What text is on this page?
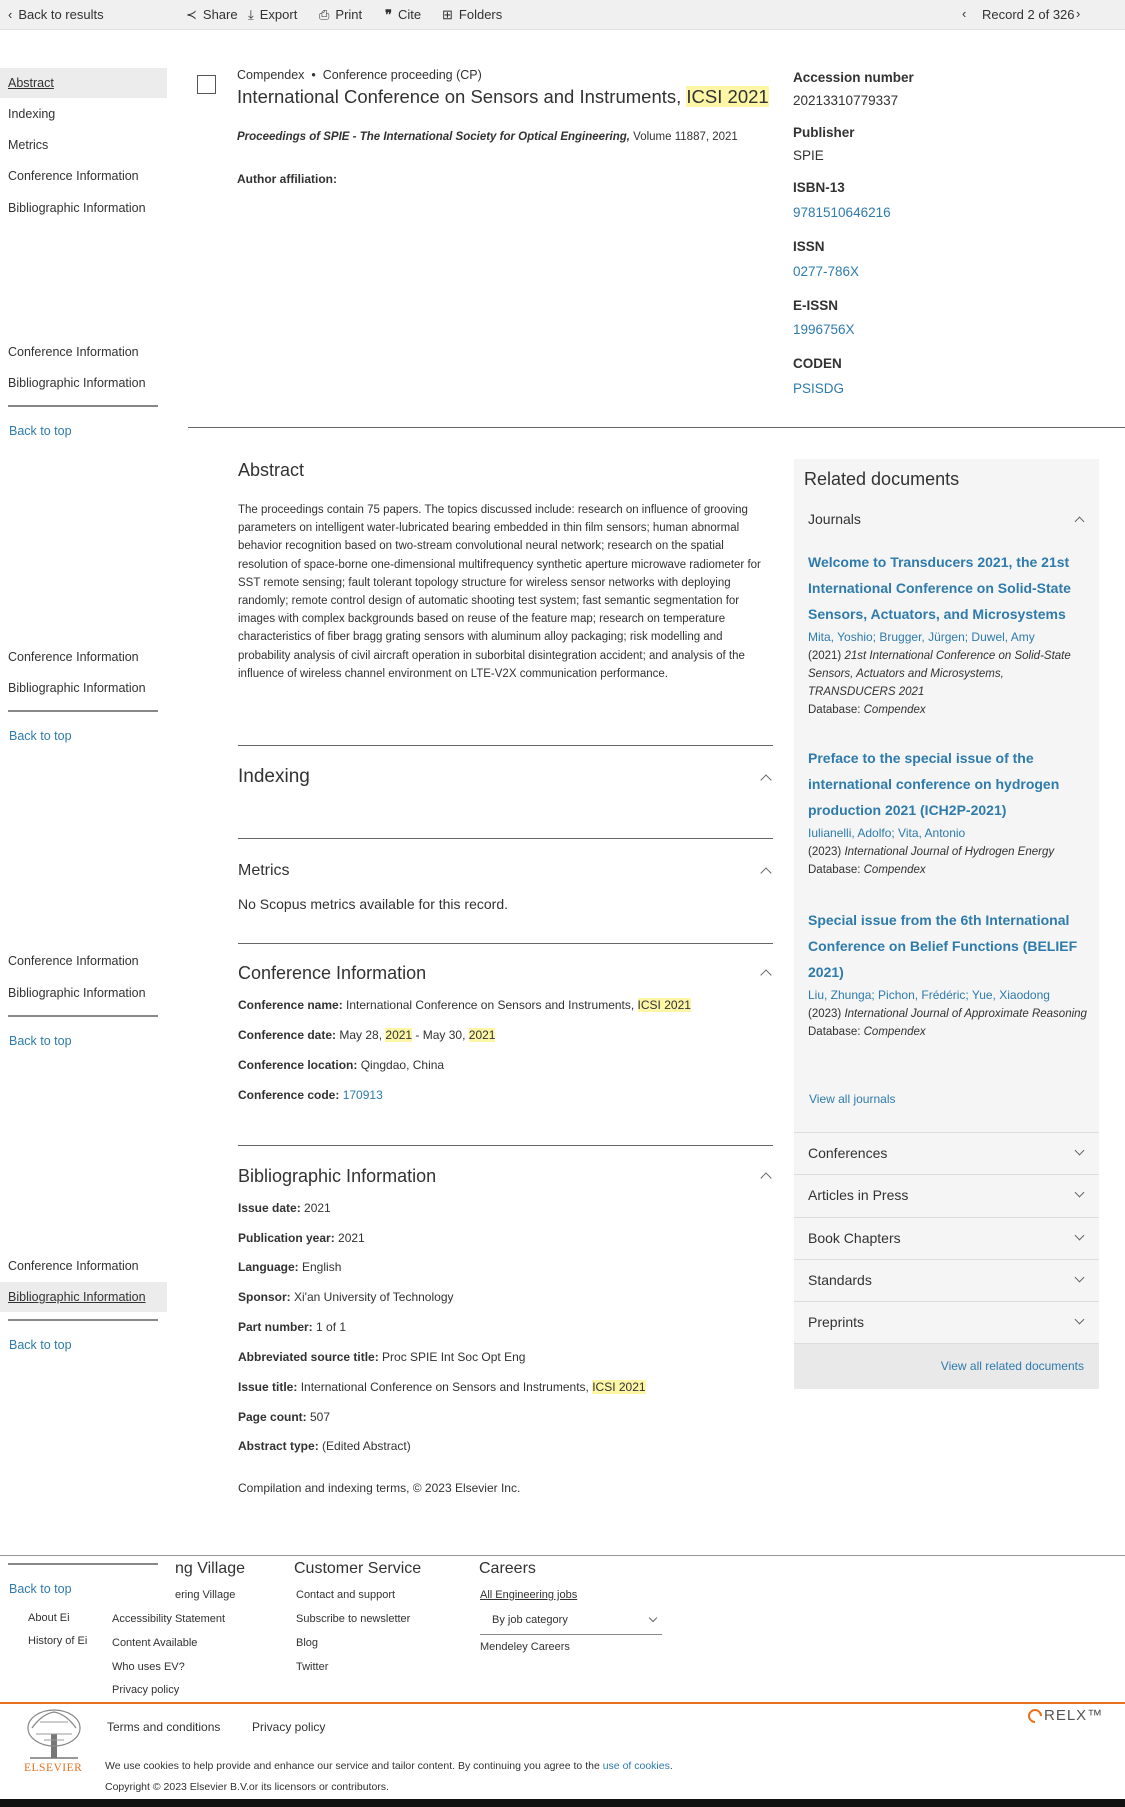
‹ Back to results	≺ Share ⤓ Export ⎙ Print ❞ Cite ⊞ Folders	‹ Record 2 of 326 ›
Abstract
Indexing
Metrics
Conference Information
Bibliographic Information
Conference Information
Bibliographic Information
Back to top
Conference Information
Bibliographic Information
Back to top
Conference Information
Bibliographic Information
Back to top
Conference Information
Bibliographic Information
Back to top
Compendex  •  Conference proceeding (CP)
International Conference on Sensors and Instruments, ICSI 2021
Proceedings of SPIE - The International Society for Optical Engineering, Volume 11887, 2021
Author affiliation:
Accession number
20213310779337
Publisher
SPIE
ISBN-13
9781510646216
ISSN
0277-786X
E-ISSN
1996756X
CODEN
PSISDG
Abstract
The proceedings contain 75 papers. The topics discussed include: research on influence of grooving parameters on intelligent water-lubricated bearing embedded in thin film sensors; human abnormal behavior recognition based on two-stream convolutional neural network; research on the spatial resolution of space-borne one-dimensional multifrequency synthetic aperture microwave radiometer for SST remote sensing; fault tolerant topology structure for wireless sensor networks with deploying randomly; remote control design of automatic shooting test system; fast semantic segmentation for images with complex backgrounds based on reuse of the feature map; research on temperature characteristics of fiber bragg grating sensors with aluminum alloy packaging; risk modelling and probability analysis of civil aircraft operation in suborbital disintegration accident; and analysis of the influence of wireless channel environment on LTE-V2X communication performance.
Indexing
Metrics
No Scopus metrics available for this record.
Conference Information
Conference name: International Conference on Sensors and Instruments, ICSI 2021
Conference date: May 28, 2021 - May 30, 2021
Conference location: Qingdao, China
Conference code: 170913
Bibliographic Information
Issue date: 2021
Publication year: 2021
Language: English
Sponsor: Xi'an University of Technology
Part number: 1 of 1
Abbreviated source title: Proc SPIE Int Soc Opt Eng
Issue title: International Conference on Sensors and Instruments, ICSI 2021
Page count: 507
Abstract type: (Edited Abstract)
Compilation and indexing terms, © 2023 Elsevier Inc.
Related documents
Journals
Welcome to Transducers 2021, the 21st International Conference on Solid-State Sensors, Actuators, and Microsystems
Mita, Yoshio; Brugger, Jürgen; Duwel, Amy
(2021) 21st International Conference on Solid-State Sensors, Actuators and Microsystems, TRANSDUCERS 2021
Database: Compendex
Preface to the special issue of the international conference on hydrogen production 2021 (ICH2P-2021)
Iulianelli, Adolfo; Vita, Antonio
(2023) International Journal of Hydrogen Energy
Database: Compendex
Special issue from the 6th International Conference on Belief Functions (BELIEF 2021)
Liu, Zhunga; Pichon, Frédéric; Yue, Xiaodong
(2023) International Journal of Approximate Reasoning
Database: Compendex
View all journals
Conferences
Articles in Press
Book Chapters
Standards
Preprints
View all related documents
Back to top
ng Village
ering Village
About Ei
History of Ei
Accessibility Statement
Content Available
Who uses EV?
Privacy policy
Customer Service
Contact and support
Subscribe to newsletter
Blog
Twitter
Careers
All Engineering jobs
By job category
Mendeley Careers
ELSEVIER
Terms and conditions	Privacy policy
We use cookies to help provide and enhance our service and tailor content. By continuing you agree to the use of cookies.
Copyright © 2023 Elsevier B.V.or its licensors or contributors.
RELX™
